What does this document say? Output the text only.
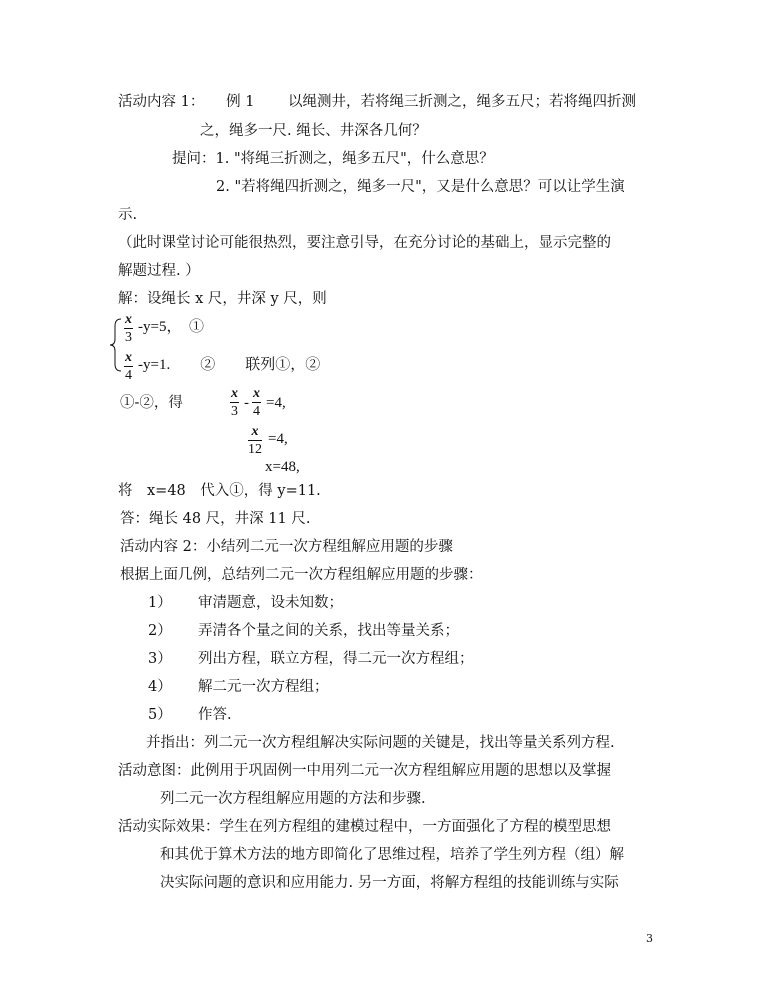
活动内容 1：　　例 1　　 以绳测井，若将绳三折测之，绳多五尺；若将绳四折测
之，绳多一尺. 绳长、井深各几何？
提问：1. "将绳三折测之，绳多五尺"，什么意思？
2. "若将绳四折测之，绳多一尺"，又是什么意思？可以让学生演
示.
（此时课堂讨论可能很热烈，要注意引导，在充分讨论的基础上，显示完整的
解题过程. ）
解：设绳长 x 尺，井深 y 尺，则
x
3
-y=5，　①
x
4
-y=1.　　②　　联列①，②
①-②，得
x
3
-
x
4
=4,
x
12
=4,
x=48,
将　x=48　代入①，得 y=11.
答：绳长 48 尺，井深 11 尺.
活动内容 2：小结列二元一次方程组解应用题的步骤
根据上面几例，总结列二元一次方程组解应用题的步骤：
1） 审清题意，设未知数；
2） 弄清各个量之间的关系，找出等量关系；
3） 列出方程，联立方程，得二元一次方程组；
4） 解二元一次方程组；
5） 作答.
并指出：列二元一次方程组解决实际问题的关键是，找出等量关系列方程.
活动意图：此例用于巩固例一中用列二元一次方程组解应用题的思想以及掌握
列二元一次方程组解应用题的方法和步骤.
活动实际效果：学生在列方程组的建模过程中，一方面强化了方程的模型思想
和其优于算术方法的地方即简化了思维过程，培养了学生列方程（组）解
决实际问题的意识和应用能力. 另一方面，将解方程组的技能训练与实际
3
